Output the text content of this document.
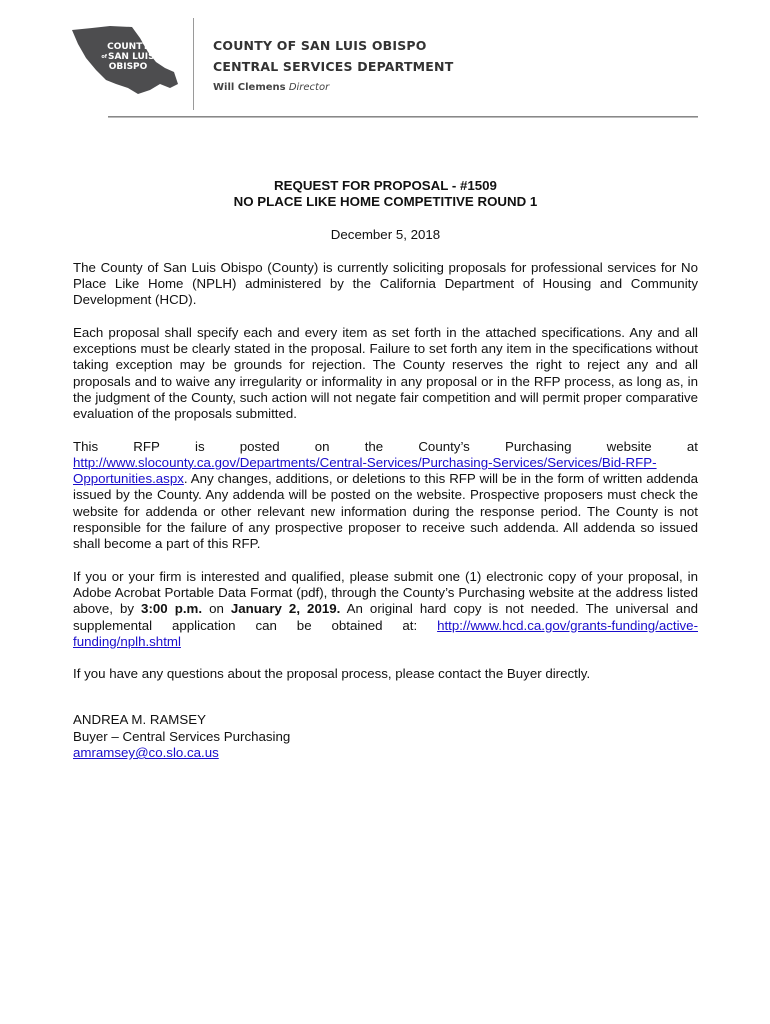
COUNTY
$^{of}$SAN LUIS
OBISPO
COUNTY OF SAN LUIS OBISPO
CENTRAL SERVICES DEPARTMENT
Will Clemens Director
REQUEST FOR PROPOSAL - #1509
NO PLACE LIKE HOME COMPETITIVE ROUND 1
December 5, 2018

The County of San Luis Obispo (County) is currently soliciting proposals for professional services for No Place Like Home (NPLH) administered by the California Department of Housing and Community Development (HCD).

Each proposal shall specify each and every item as set forth in the attached specifications. Any and all exceptions must be clearly stated in the proposal. Failure to set forth any item in the specifications without taking exception may be grounds for rejection. The County reserves the right to reject any and all proposals and to waive any irregularity or informality in any proposal or in the RFP process, as long as, in the judgment of the County, such action will not negate fair competition and will permit proper comparative evaluation of the proposals submitted.

This	RFP	is	posted	on	the	County’s	Purchasing	website	at

http://www.slocounty.ca.gov/Departments/Central-Services/Purchasing-Services/Services/Bid-RFP-Opportunities.aspx. Any changes, additions, or deletions to this RFP will be in the form of written addenda issued by the County. Any addenda will be posted on the website. Prospective proposers must check the website for addenda or other relevant new information during the response period. The County is not responsible for the failure of any prospective proposer to receive such addenda. All addenda so issued shall become a part of this RFP.

If you or your firm is interested and qualified, please submit one (1) electronic copy of your proposal, in Adobe Acrobat Portable Data Format (pdf), through the County’s Purchasing website at the address listed above, by 3:00 p.m. on January 2, 2019. An original hard copy is not needed. The universal and supplemental application can be obtained at: http://www.hcd.ca.gov/grants-funding/active-funding/nplh.shtml

If you have any questions about the proposal process, please contact the Buyer directly.

ANDREA M. RAMSEY
Buyer – Central Services Purchasing
amramsey@co.slo.ca.us
